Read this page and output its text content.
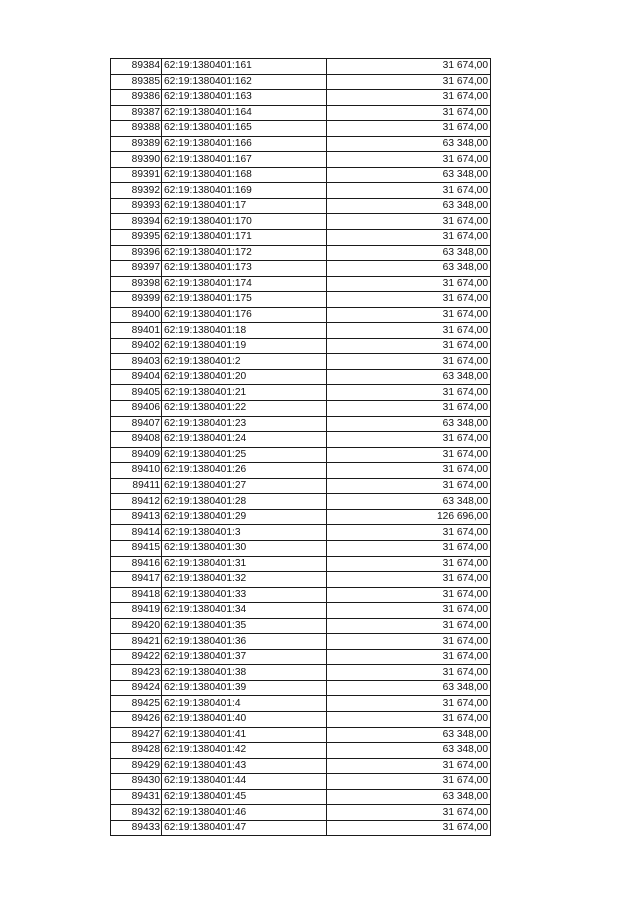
89384	62:19:1380401:161	31 674,00
89385	62:19:1380401:162	31 674,00
89386	62:19:1380401:163	31 674,00
89387	62:19:1380401:164	31 674,00
89388	62:19:1380401:165	31 674,00
89389	62:19:1380401:166	63 348,00
89390	62:19:1380401:167	31 674,00
89391	62:19:1380401:168	63 348,00
89392	62:19:1380401:169	31 674,00
89393	62:19:1380401:17	63 348,00
89394	62:19:1380401:170	31 674,00
89395	62:19:1380401:171	31 674,00
89396	62:19:1380401:172	63 348,00
89397	62:19:1380401:173	63 348,00
89398	62:19:1380401:174	31 674,00
89399	62:19:1380401:175	31 674,00
89400	62:19:1380401:176	31 674,00
89401	62:19:1380401:18	31 674,00
89402	62:19:1380401:19	31 674,00
89403	62:19:1380401:2	31 674,00
89404	62:19:1380401:20	63 348,00
89405	62:19:1380401:21	31 674,00
89406	62:19:1380401:22	31 674,00
89407	62:19:1380401:23	63 348,00
89408	62:19:1380401:24	31 674,00
89409	62:19:1380401:25	31 674,00
89410	62:19:1380401:26	31 674,00
89411	62:19:1380401:27	31 674,00
89412	62:19:1380401:28	63 348,00
89413	62:19:1380401:29	126 696,00
89414	62:19:1380401:3	31 674,00
89415	62:19:1380401:30	31 674,00
89416	62:19:1380401:31	31 674,00
89417	62:19:1380401:32	31 674,00
89418	62:19:1380401:33	31 674,00
89419	62:19:1380401:34	31 674,00
89420	62:19:1380401:35	31 674,00
89421	62:19:1380401:36	31 674,00
89422	62:19:1380401:37	31 674,00
89423	62:19:1380401:38	31 674,00
89424	62:19:1380401:39	63 348,00
89425	62:19:1380401:4	31 674,00
89426	62:19:1380401:40	31 674,00
89427	62:19:1380401:41	63 348,00
89428	62:19:1380401:42	63 348,00
89429	62:19:1380401:43	31 674,00
89430	62:19:1380401:44	31 674,00
89431	62:19:1380401:45	63 348,00
89432	62:19:1380401:46	31 674,00
89433	62:19:1380401:47	31 674,00
